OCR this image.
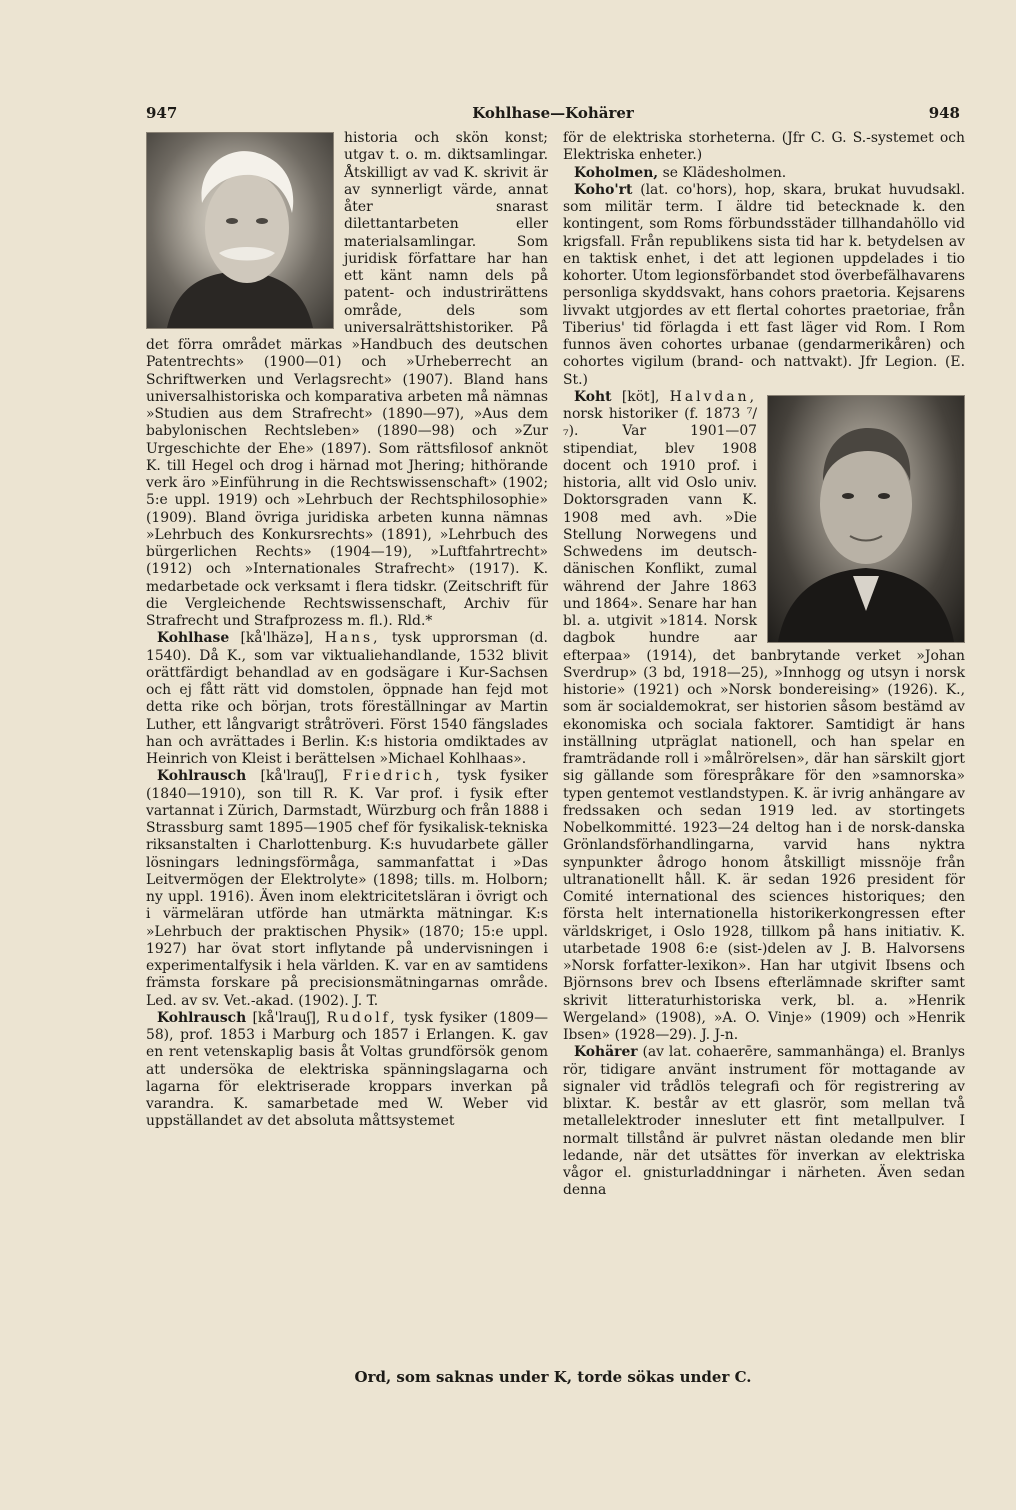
947	Kohlhase—Kohärer	948

historia och skön konst; utgav t. o. m. diktsamlingar. Åtskilligt av vad K. skrivit är av synnerligt värde, annat åter snarast dilettantarbeten eller materialsamlingar. Som juridisk författare har han ett känt namn dels på patent- och industrirättens område, dels som universalrättshistoriker. På det förra området märkas »Handbuch des deutschen Patentrechts» (1900—01) och »Urheberrecht an Schriftwerken und Verlagsrecht» (1907). Bland hans universalhistoriska och komparativa arbeten må nämnas »Studien aus dem Strafrecht» (1890—97), »Aus dem babylonischen Rechtsleben» (1890—98) och »Zur Urgeschichte der Ehe» (1897). Som rättsfilosof anknöt K. till Hegel och drog i härnad mot Jhering; hithörande verk äro »Einführung in die Rechtswissenschaft» (1902; 5:e uppl. 1919) och »Lehrbuch der Rechtsphilosophie» (1909). Bland övriga juridiska arbeten kunna nämnas »Lehrbuch des Konkursrechts» (1891), »Lehrbuch des bürgerlichen Rechts» (1904—19), »Luftfahrtrecht» (1912) och »Internationales Strafrecht» (1917). K. medarbetade ock verksamt i flera tidskr. (Zeitschrift für die Vergleichende Rechtswissenschaft, Archiv für Strafrecht und Strafprozess m. fl.). Rld.*

Kohlhase [kå'lhäzə], Hans, tysk upprorsman (d. 1540). Då K., som var viktualiehandlande, 1532 blivit orättfärdigt behandlad av en godsägare i Kur-Sachsen och ej fått rätt vid domstolen, öppnade han fejd mot detta rike och början, trots föreställningar av Martin Luther, ett långvarigt stråtröveri. Först 1540 fängslades han och avrättades i Berlin. K:s historia omdiktades av Heinrich von Kleist i berättelsen »Michael Kohlhaas».

Kohlrausch [kå'lrauʃ], Friedrich, tysk fysiker (1840—1910), son till R. K. Var prof. i fysik efter vartannat i Zürich, Darmstadt, Würzburg och från 1888 i Strassburg samt 1895—1905 chef för fysikalisk-tekniska riksanstalten i Charlottenburg. K:s huvudarbete gäller lösningars ledningsförmåga, sammanfattat i »Das Leitvermögen der Elektrolyte» (1898; tills. m. Holborn; ny uppl. 1916). Även inom elektricitetsläran i övrigt och i värmeläran utförde han utmärkta mätningar. K:s »Lehrbuch der praktischen Physik» (1870; 15:e uppl. 1927) har övat stort inflytande på undervisningen i experimentalfysik i hela världen. K. var en av samtidens främsta forskare på precisionsmätningarnas område. Led. av sv. Vet.-akad. (1902). J. T.

Kohlrausch [kå'lrauʃ], Rudolf, tysk fysiker (1809—58), prof. 1853 i Marburg och 1857 i Erlangen. K. gav en rent vetenskaplig basis åt Voltas grundförsök genom att undersöka de elektriska spänningslagarna och lagarna för elektriserade kroppars inverkan på varandra. K. samarbetade med W. Weber vid uppställandet av det absoluta måttsystemet

för de elektriska storheterna. (Jfr C. G. S.-systemet och Elektriska enheter.)

Koholmen, se Klädesholmen.

Koho'rt (lat. co'hors), hop, skara, brukat huvudsakl. som militär term. I äldre tid betecknade k. den kontingent, som Roms förbundsstäder tillhandahöllo vid krigsfall. Från republikens sista tid har k. betydelsen av en taktisk enhet, i det att legionen uppdelades i tio kohorter. Utom legionsförbandet stod överbefälhavarens personliga skyddsvakt, hans cohors praetoria. Kejsarens livvakt utgjordes av ett flertal cohortes praetoriae, från Tiberius' tid förlagda i ett fast läger vid Rom. I Rom funnos även cohortes urbanae (gendarmerikåren) och cohortes vigilum (brand- och nattvakt). Jfr Legion. (E. St.)

Koht [köt], Halvdan, norsk historiker (f. 1873 ⁷/₇). Var 1901—07 stipendiat, blev 1908 docent och 1910 prof. i historia, allt vid Oslo univ. Doktorsgraden vann K. 1908 med avh. »Die Stellung Norwegens und Schwedens im deutsch-dänischen Konflikt, zumal während der Jahre 1863 und 1864». Senare har han bl. a. utgivit »1814. Norsk dagbok hundre aar efterpaa» (1914), det banbrytande verket »Johan Sverdrup» (3 bd, 1918—25), »Innhogg og utsyn i norsk historie» (1921) och »Norsk bondereising» (1926). K., som är socialdemokrat, ser historien såsom bestämd av ekonomiska och sociala faktorer. Samtidigt är hans inställning utpräglat nationell, och han spelar en framträdande roll i »målrörelsen», där han särskilt gjort sig gällande som förespråkare för den »samnorska» typen gentemot vestlandstypen. K. är ivrig anhängare av fredssaken och sedan 1919 led. av stortingets Nobelkommitté. 1923—24 deltog han i de norsk-danska Grönlandsförhandlingarna, varvid hans nyktra synpunkter ådrogo honom åtskilligt missnöje från ultranationellt håll. K. är sedan 1926 president för Comité international des sciences historiques; den första helt internationella historikerkongressen efter världskriget, i Oslo 1928, tillkom på hans initiativ. K. utarbetade 1908 6:e (sist-)delen av J. B. Halvorsens »Norsk forfatter-lexikon». Han har utgivit Ibsens och Björnsons brev och Ibsens efterlämnade skrifter samt skrivit litteraturhistoriska verk, bl. a. »Henrik Wergeland» (1908), »A. O. Vinje» (1909) och »Henrik Ibsen» (1928—29). J. J-n.

Kohärer (av lat. cohaerēre, sammanhänga) el. Branlys rör, tidigare använt instrument för mottagande av signaler vid trådlös telegrafi och för registrering av blixtar. K. består av ett glasrör, som mellan två metallelektroder innesluter ett fint metallpulver. I normalt tillstånd är pulvret nästan oledande men blir ledande, när det utsättes för inverkan av elektriska vågor el. gnisturladdningar i närheten. Även sedan denna

Ord, som saknas under K, torde sökas under C.
